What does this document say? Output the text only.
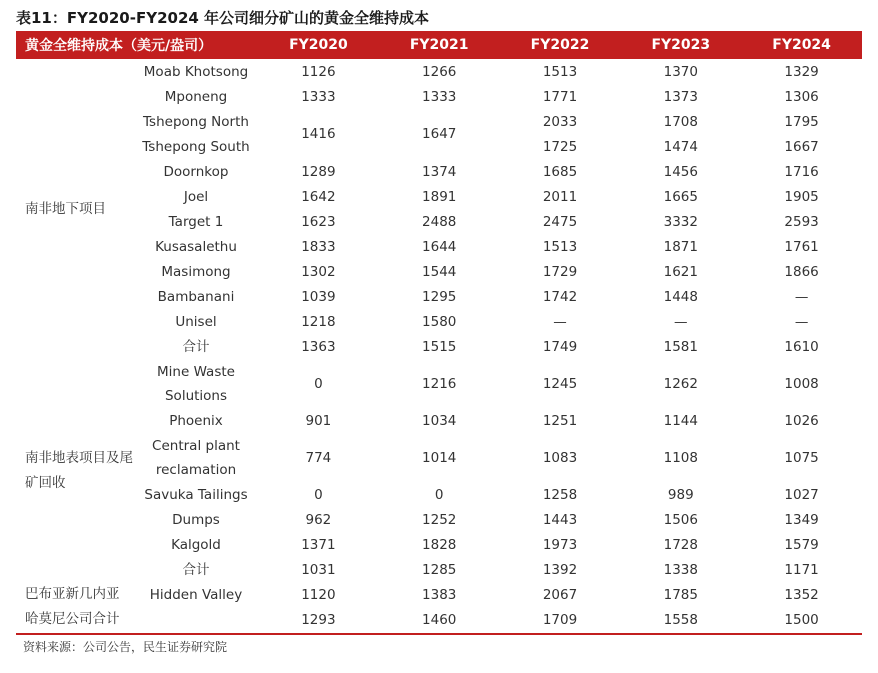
表11：FY2020-FY2024 年公司细分矿山的黄金全维持成本
黄金全维持成本（美元/盎司）		FY2020	FY2021	FY2022	FY2023	FY2024
南非地下项目	Moab Khotsong	1126	1266	1513	1370	1329
	Mponeng	1333	1333	1771	1373	1306
	Tshepong North	1416	1647	2033	1708	1795
	Tshepong South			1725	1474	1667
	Doornkop	1289	1374	1685	1456	1716
	Joel	1642	1891	2011	1665	1905
	Target 1	1623	2488	2475	3332	2593
	Kusasalethu	1833	1644	1513	1871	1761
	Masimong	1302	1544	1729	1621	1866
	Bambanani	1039	1295	1742	1448	—
	Unisel	1218	1580	—	—	—
	合计	1363	1515	1749	1581	1610
南非地表项目及尾矿回收	Mine Waste Solutions	0	1216	1245	1262	1008
	Phoenix	901	1034	1251	1144	1026
	Central plant reclamation	774	1014	1083	1108	1075
	Savuka Tailings	0	0	1258	989	1027
	Dumps	962	1252	1443	1506	1349
	Kalgold	1371	1828	1973	1728	1579
	合计	1031	1285	1392	1338	1171
巴布亚新几内亚	Hidden Valley	1120	1383	2067	1785	1352
哈莫尼公司合计		1293	1460	1709	1558	1500
资料来源：公司公告，民生证券研究院
